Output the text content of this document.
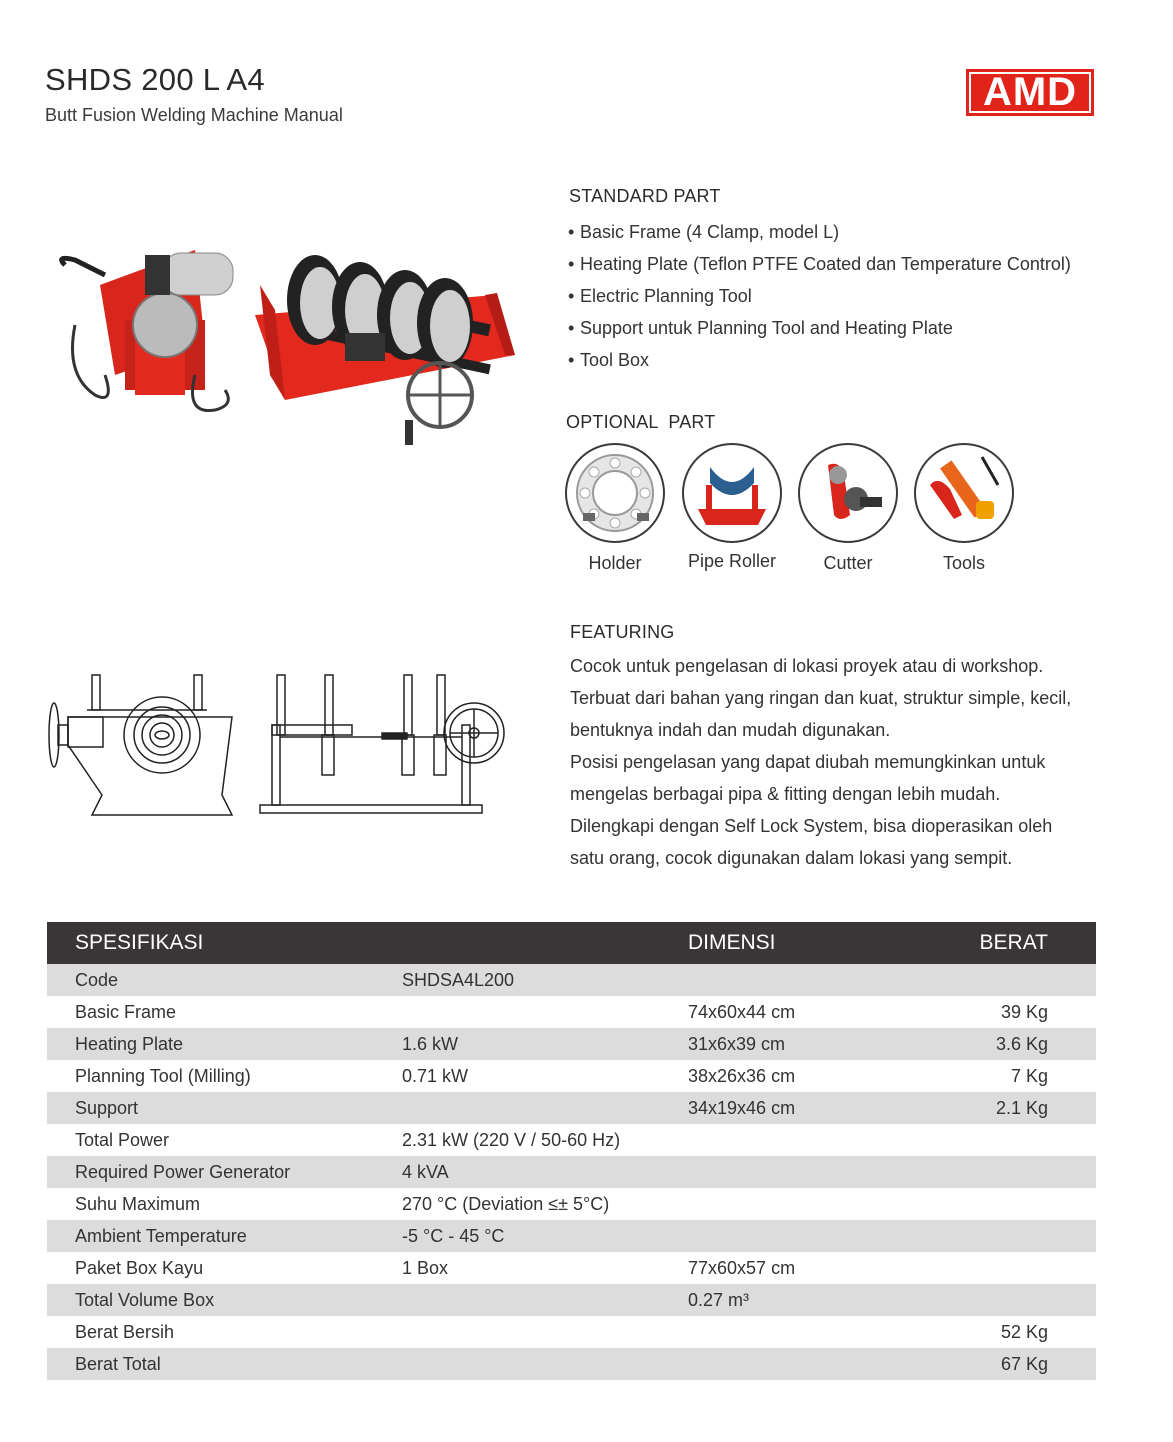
SHDS 200 L A4
Butt Fusion Welding Machine Manual
AMD
STANDARD PART
• Basic Frame (4 Clamp, model L)
• Heating Plate (Teflon PTFE Coated dan Temperature Control)
• Electric Planning Tool
• Support untuk Planning Tool and Heating Plate
• Tool Box
OPTIONAL  PART
Holder	Pipe Roller	Cutter	Tools
FEATURING

Cocok untuk pengelasan di lokasi proyek atau di workshop.

Terbuat dari bahan yang ringan dan kuat, struktur simple, kecil,

bentuknya indah dan mudah digunakan.

Posisi pengelasan yang dapat diubah memungkinkan untuk

mengelas berbagai pipa & fitting dengan lebih mudah.

Dilengkapi dengan Self Lock System, bisa dioperasikan oleh

satu orang, cocok digunakan dalam lokasi yang sempit.

SPESIFIKASI		DIMENSI	BERAT
Code	SHDSA4L200		
Basic Frame		74x60x44 cm	39 Kg
Heating Plate	1.6 kW	31x6x39 cm	3.6 Kg
Planning Tool (Milling)	0.71 kW	38x26x36 cm	7 Kg
Support		34x19x46 cm	2.1 Kg
Total Power	2.31 kW (220 V / 50-60 Hz)		
Required Power Generator	4 kVA		
Suhu Maximum	270 °C (Deviation ≤± 5°C)		
Ambient Temperature	-5 °C - 45 °C		
Paket Box Kayu	1 Box	77x60x57 cm	
Total Volume Box		0.27 m³	
Berat Bersih			52 Kg
Berat Total			67 Kg
